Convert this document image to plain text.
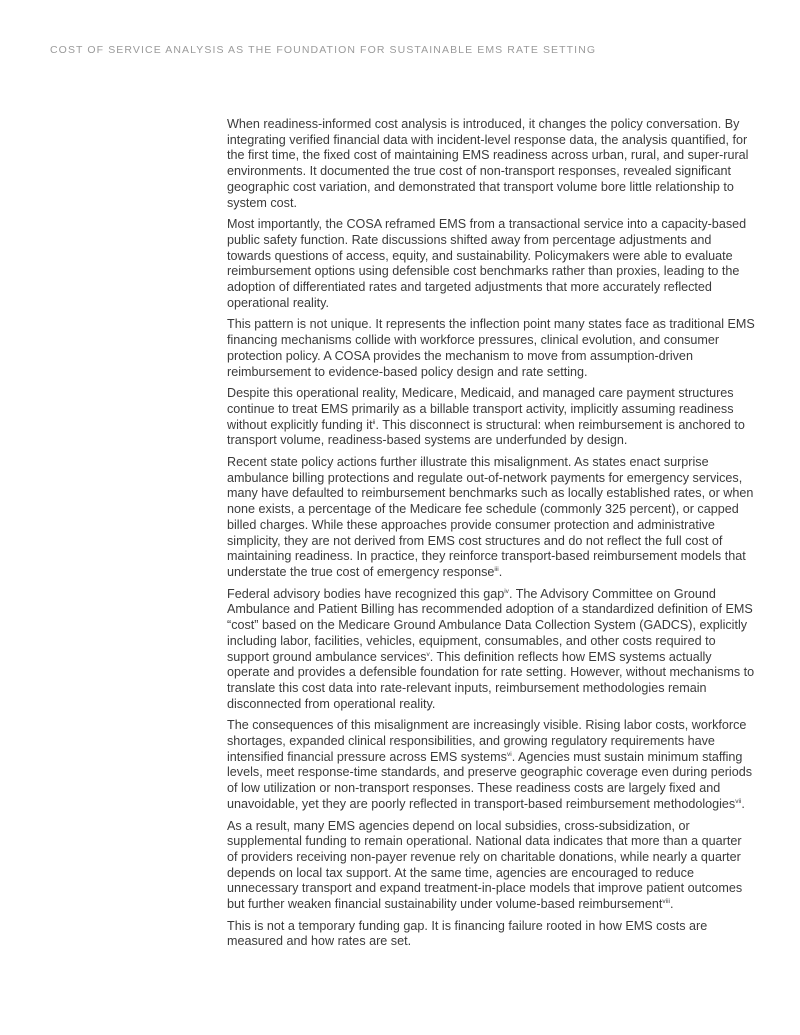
COST OF SERVICE ANALYSIS AS THE FOUNDATION FOR SUSTAINABLE EMS RATE SETTING

When readiness-informed cost analysis is introduced, it changes the policy conversation. By integrating verified financial data with incident-level response data, the analysis quantified, for the first time, the fixed cost of maintaining EMS readiness across urban, rural, and super-rural environments. It documented the true cost of non-transport responses, revealed significant geographic cost variation, and demonstrated that transport volume bore little relationship to system cost.

Most importantly, the COSA reframed EMS from a transactional service into a capacity-based public safety function. Rate discussions shifted away from percentage adjustments and towards questions of access, equity, and sustainability. Policymakers were able to evaluate reimbursement options using defensible cost benchmarks rather than proxies, leading to the adoption of differentiated rates and targeted adjustments that more accurately reflected operational reality.

This pattern is not unique. It represents the inflection point many states face as traditional EMS financing mechanisms collide with workforce pressures, clinical evolution, and consumer protection policy. A COSA provides the mechanism to move from assumption-driven reimbursement to evidence-based policy design and rate setting.

Despite this operational reality, Medicare, Medicaid, and managed care payment structures continue to treat EMS primarily as a billable transport activity, implicitly assuming readiness without explicitly funding $it^{ii}$. This disconnect is structural: when reimbursement is anchored to transport volume, readiness-based systems are underfunded by design.

Recent state policy actions further illustrate this misalignment. As states enact surprise ambulance billing protections and regulate out-of-network payments for emergency services, many have defaulted to reimbursement benchmarks such as locally established rates, or when none exists, a percentage of the Medicare fee schedule (commonly 325 percent), or capped billed charges. While these approaches provide consumer protection and administrative simplicity, they are not derived from EMS cost structures and do not reflect the full cost of maintaining readiness. In practice, they reinforce transport-based reimbursement models that understate the true cost of emergency response$^{iii}$.

Federal advisory bodies have recognized this gap$^{iv}$. The Advisory Committee on Ground Ambulance and Patient Billing has recommended adoption of a standardized definition of EMS “cost” based on the Medicare Ground Ambulance Data Collection System (GADCS), explicitly including labor, facilities, vehicles, equipment, consumables, and other costs required to support ground ambulance services$^v$. This definition reflects how EMS systems actually operate and provides a defensible foundation for rate setting. However, without mechanisms to translate this cost data into rate-relevant inputs, reimbursement methodologies remain disconnected from operational reality.

The consequences of this misalignment are increasingly visible. Rising labor costs, workforce shortages, expanded clinical responsibilities, and growing regulatory requirements have intensified financial pressure across EMS systems$^{vi}$. Agencies must sustain minimum staffing levels, meet response-time standards, and preserve geographic coverage even during periods of low utilization or non-transport responses. These readiness costs are largely fixed and unavoidable, yet they are poorly reflected in transport-based reimbursement methodologies$^{vii}$.

As a result, many EMS agencies depend on local subsidies, cross-subsidization, or supplemental funding to remain operational. National data indicates that more than a quarter of providers receiving non-payer revenue rely on charitable donations, while nearly a quarter depends on local tax support. At the same time, agencies are encouraged to reduce unnecessary transport and expand treatment-in-place models that improve patient outcomes but further weaken financial sustainability under volume-based reimbursement$^{viii}$.

This is not a temporary funding gap. It is financing failure rooted in how EMS costs are measured and how rates are set.
